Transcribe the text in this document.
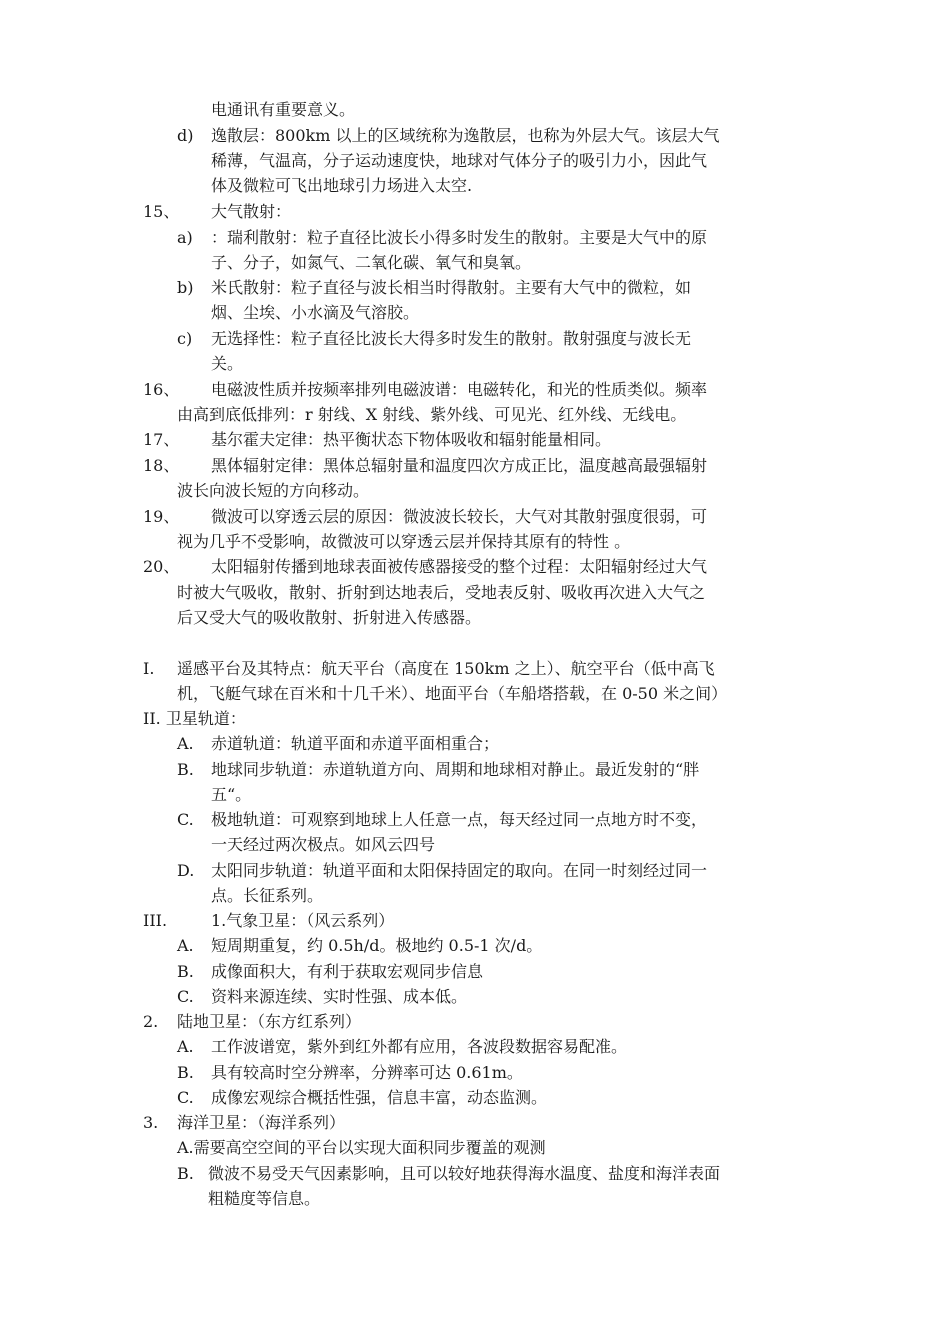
电通讯有重要意义。
d) 逸散层：800km 以上的区域统称为逸散层，也称为外层大气。该层大气
稀薄，气温高，分子运动速度快，地球对气体分子的吸引力小，因此气
体及微粒可飞出地球引力场进入太空.
15、 大气散射：
a) ：瑞利散射：粒子直径比波长小得多时发生的散射。主要是大气中的原
子、分子，如氮气、二氧化碳、氧气和臭氧。
b) 米氏散射：粒子直径与波长相当时得散射。主要有大气中的微粒，如
烟、尘埃、小水滴及气溶胶。
c) 无选择性：粒子直径比波长大得多时发生的散射。散射强度与波长无
关。
16、 电磁波性质并按频率排列电磁波谱：电磁转化，和光的性质类似。频率
由高到底低排列：r 射线、X 射线、紫外线、可见光、红外线、无线电。
17、 基尔霍夫定律：热平衡状态下物体吸收和辐射能量相同。
18、 黑体辐射定律：黑体总辐射量和温度四次方成正比，温度越高最强辐射
波长向波长短的方向移动。
19、 微波可以穿透云层的原因：微波波长较长，大气对其散射强度很弱，可
视为几乎不受影响，故微波可以穿透云层并保持其原有的特性 。
20、 太阳辐射传播到地球表面被传感器接受的整个过程：太阳辐射经过大气
时被大气吸收，散射、折射到达地表后，受地表反射、吸收再次进入大气之
后又受大气的吸收散射、折射进入传感器。
I. 遥感平台及其特点：航天平台（高度在 150km 之上）、航空平台（低中高飞
机，飞艇气球在百米和十几千米）、地面平台（车船塔搭载，在 0-50 米之间）
II. 卫星轨道：
A. 赤道轨道：轨道平面和赤道平面相重合；
B. 地球同步轨道：赤道轨道方向、周期和地球相对静止。最近发射的“胖
五“。
C. 极地轨道：可观察到地球上人任意一点，每天经过同一点地方时不变，
一天经过两次极点。如风云四号
D. 太阳同步轨道：轨道平面和太阳保持固定的取向。在同一时刻经过同一
点。长征系列。
III.	1.气象卫星：（风云系列）
A. 短周期重复，约 0.5h/d。极地约 0.5-1 次/d。
B. 成像面积大，有利于获取宏观同步信息
C. 资料来源连续、实时性强、成本低。
2. 陆地卫星：（东方红系列）
A. 工作波谱宽，紫外到红外都有应用，各波段数据容易配准。
B. 具有较高时空分辨率，分辨率可达 0.61m。
C. 成像宏观综合概括性强，信息丰富，动态监测。
3. 海洋卫星：（海洋系列）
A.需要高空空间的平台以实现大面积同步覆盖的观测
B. 微波不易受天气因素影响，且可以较好地获得海水温度、盐度和海洋表面
粗糙度等信息。
